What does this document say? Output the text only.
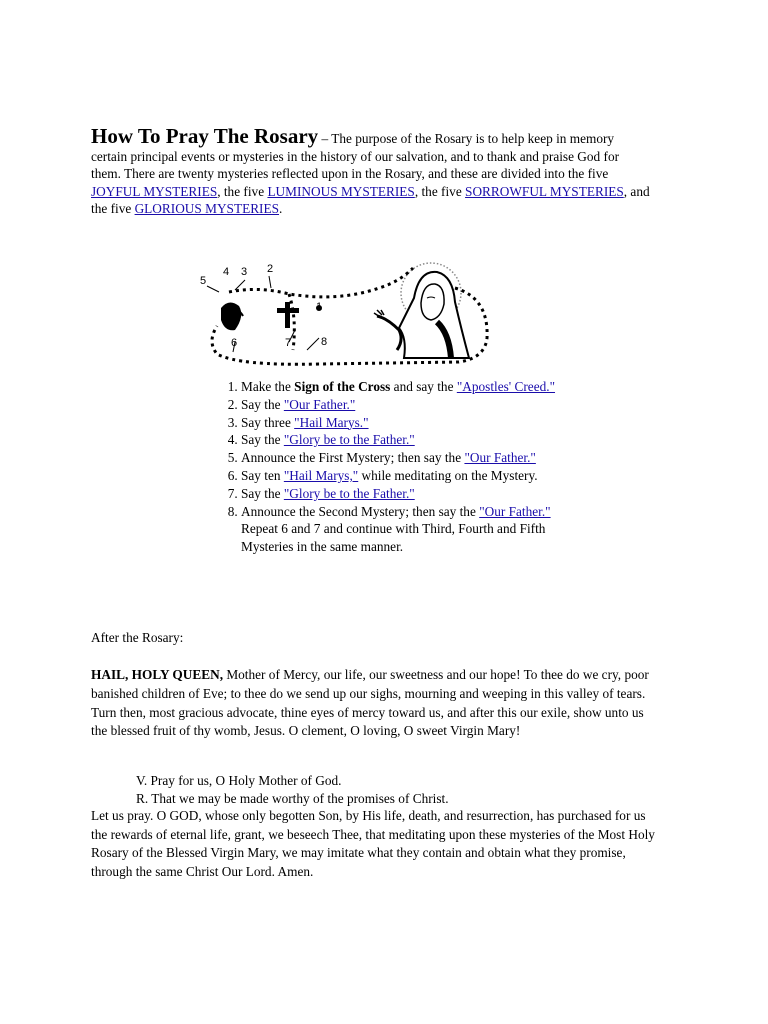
How To Pray The Rosary – The purpose of the Rosary is to help keep in memory certain principal events or mysteries in the history of our salvation, and to thank and praise God for them. There are twenty mysteries reflected upon in the Rosary, and these are divided into the five JOYFUL MYSTERIES, the five LUMINOUS MYSTERIES, the five SORROWFUL MYSTERIES, and the five GLORIOUS MYSTERIES.

1
2
3
4
5
6	7	8
1. Make the Sign of the Cross and say the "Apostles' Creed."
2. Say the "Our Father."
3. Say three "Hail Marys."
4. Say the "Glory be to the Father."
5. Announce the First Mystery; then say the "Our Father."
6. Say ten "Hail Marys," while meditating on the Mystery.
7. Say the "Glory be to the Father."
8. Announce the Second Mystery; then say the "Our Father." Repeat 6 and 7 and continue with Third, Fourth and Fifth Mysteries in the same manner.
After the Rosary:

HAIL, HOLY QUEEN, Mother of Mercy, our life, our sweetness and our hope! To thee do we cry, poor banished children of Eve; to thee do we send up our sighs, mourning and weeping in this valley of tears. Turn then, most gracious advocate, thine eyes of mercy toward us, and after this our exile, show unto us the blessed fruit of thy womb, Jesus. O clement, O loving, O sweet Virgin Mary!

V. Pray for us, O Holy Mother of God.
R. That we may be made worthy of the promises of Christ.

Let us pray. O GOD, whose only begotten Son, by His life, death, and resurrection, has purchased for us the rewards of eternal life, grant, we beseech Thee, that meditating upon these mysteries of the Most Holy Rosary of the Blessed Virgin Mary, we may imitate what they contain and obtain what they promise, through the same Christ Our Lord. Amen.
